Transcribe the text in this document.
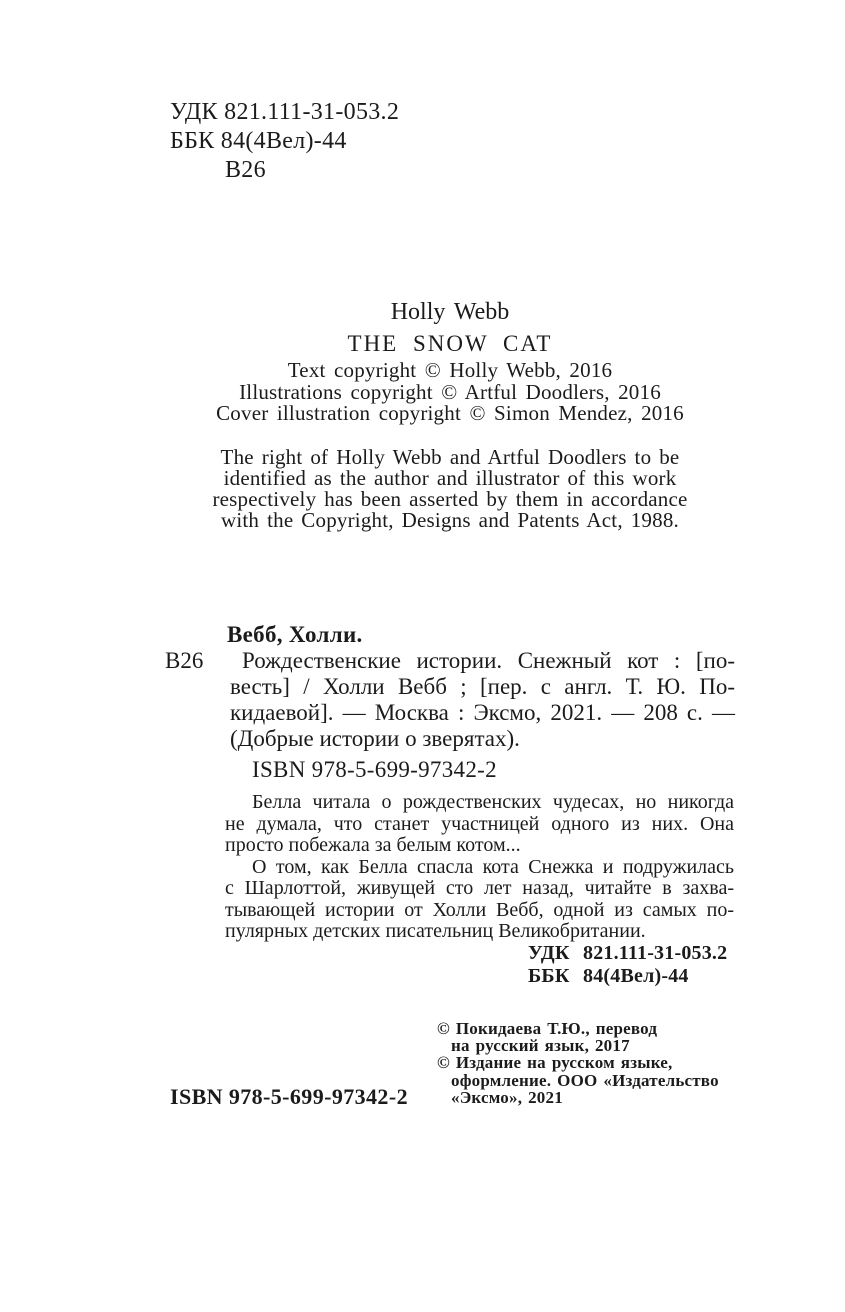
УДК 821.111-31-053.2
ББК 84(4Вел)-44
В26
Holly Webb
THE SNOW CAT
Text copyright © Holly Webb, 2016
Illustrations copyright © Artful Doodlers, 2016
Cover illustration copyright © Simon Mendez, 2016
The right of Holly Webb and Artful Doodlers to be
identified as the author and illustrator of this work
respectively has been asserted by them in accordance
with the Copyright, Designs and Patents Act, 1988.
Вебб, Холли.
В26	Рождественские истории. Снежный кот : [по-
весть] / Холли Вебб ; [пер. с англ. Т. Ю. По-
кидаевой]. — Москва : Эксмо, 2021. — 208 с. —
(Добрые истории о зверятах).
ISBN 978-5-699-97342-2
Белла читала о рождественских чудесах, но никогда
не думала, что станет участницей одного из них. Она
просто побежала за белым котом...
О том, как Белла спасла кота Снежка и подружилась
с Шарлоттой, живущей сто лет назад, читайте в захва-
тывающей истории от Холли Вебб, одной из самых по-
пулярных детских писательниц Великобритании.
УДК 821.111-31-053.2
ББК 84(4Вел)-44
© Покидаева Т.Ю., перевод
на русский язык, 2017
© Издание на русском языке,
оформление. ООО «Издательство
«Эксмо», 2021
ISBN 978-5-699-97342-2
